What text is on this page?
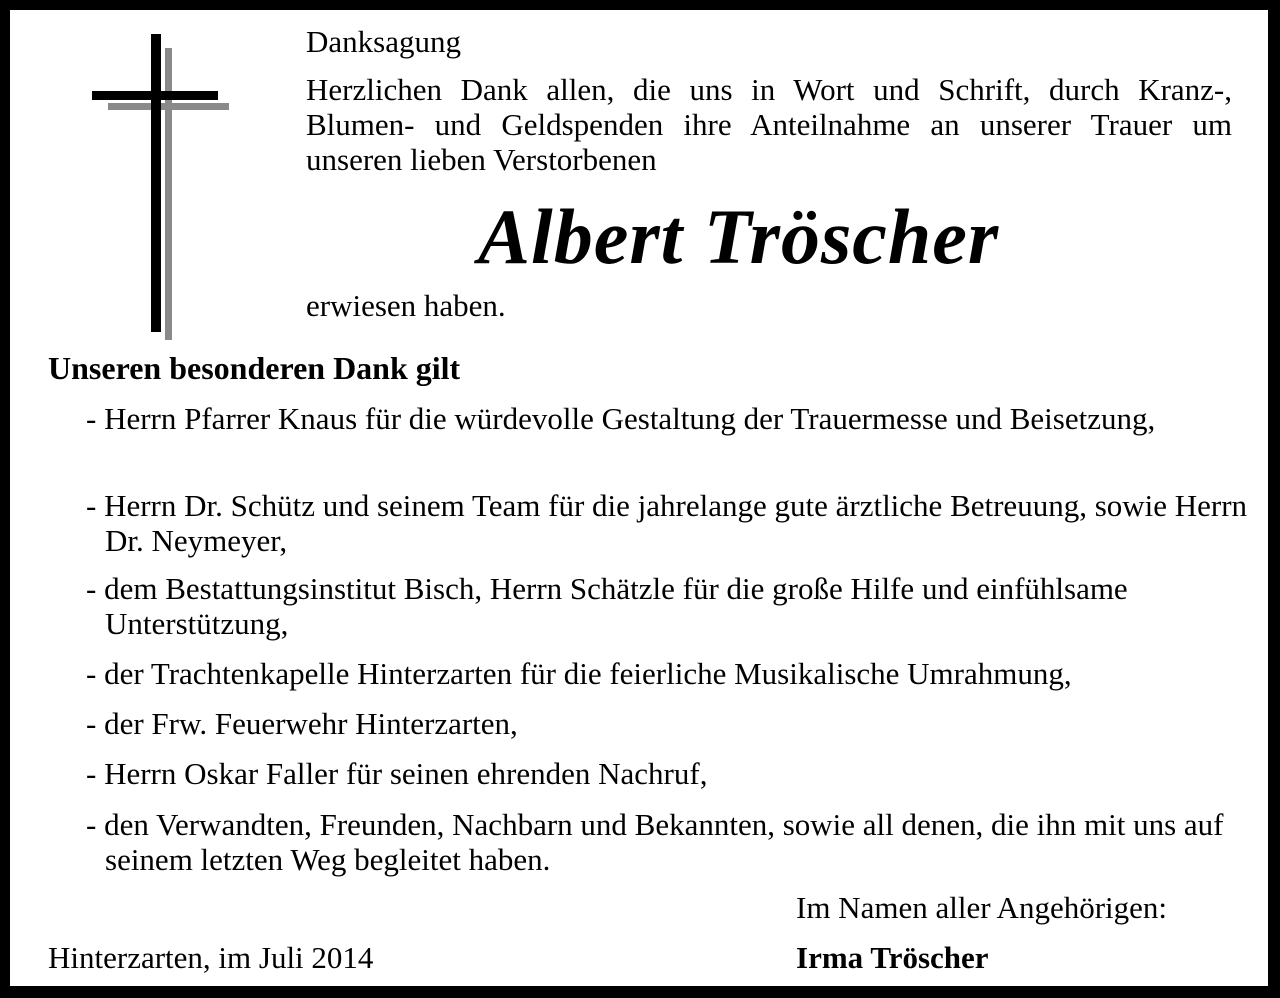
Danksagung
Herzlichen Dank allen, die uns in Wort und Schrift, durch Kranz-, Blumen- und Geldspenden ihre Anteilnahme an unserer Trauer um unseren lieben Verstorbenen
Albert Tröscher
erwiesen haben.
Unseren besonderen Dank gilt
- Herrn Pfarrer Knaus für die würdevolle Gestaltung der Trauermesse und Beisetzung,
- Herrn Dr. Schütz und seinem Team für die jahrelange gute ärztliche Betreuung, sowie Herrn Dr. Neymeyer,
- dem Bestattungsinstitut Bisch, Herrn Schätzle für die große Hilfe und einfühlsame Unterstützung,
- der Trachtenkapelle Hinterzarten für die feierliche Musikalische Umrahmung,
- der Frw. Feuerwehr Hinterzarten,
- Herrn Oskar Faller für seinen ehrenden Nachruf,
- den Verwandten, Freunden, Nachbarn und Bekannten, sowie all denen, die ihn mit uns auf seinem letzten Weg begleitet haben.
Im Namen aller Angehörigen:
Hinterzarten, im Juli 2014	Irma Tröscher
